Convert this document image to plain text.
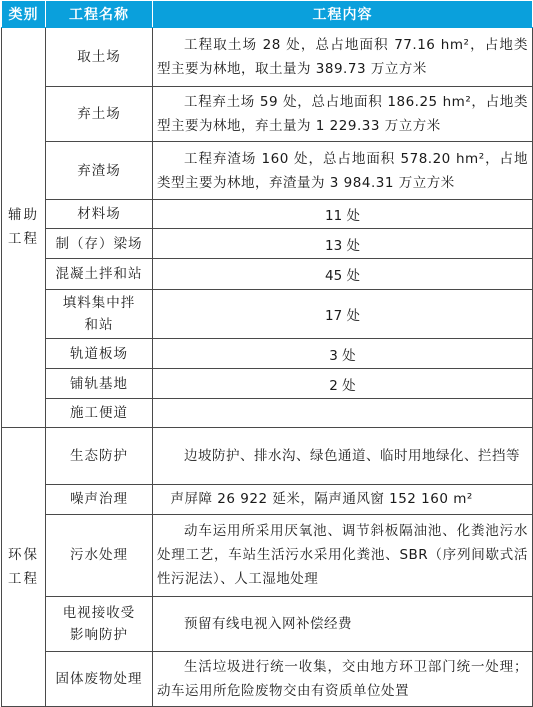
类别	工程名称	工程内容
辅助工程	取土场	工程取土场 28 处，总占地面积 77.16 hm²，占地类型主要为林地，取土量为 389.73 万立方米
	弃土场	工程弃土场 59 处，总占地面积 186.25 hm²，占地类型主要为林地，弃土量为 1 229.33 万立方米
	弃渣场	工程弃渣场 160 处，总占地面积 578.20 hm²，占地类型主要为林地，弃渣量为 3 984.31 万立方米
	材料场	11 处
	制（存）梁场	13 处
	混凝土拌和站	45 处
	填料集中拌和站	17 处
	轨道板场	3 处
	铺轨基地	2 处
	施工便道	
环保工程	生态防护	边坡防护、排水沟、绿色通道、临时用地绿化、拦挡等
	噪声治理	声屏障 26 922 延米，隔声通风窗 152 160 m²
	污水处理	动车运用所采用厌氧池、调节斜板隔油池、化粪池污水处理工艺，车站生活污水采用化粪池、SBR（序列间歇式活性污泥法）、人工湿地处理
	电视接收受影响防护	预留有线电视入网补偿经费
	固体废物处理	生活垃圾进行统一收集，交由地方环卫部门统一处理；动车运用所危险废物交由有资质单位处置
